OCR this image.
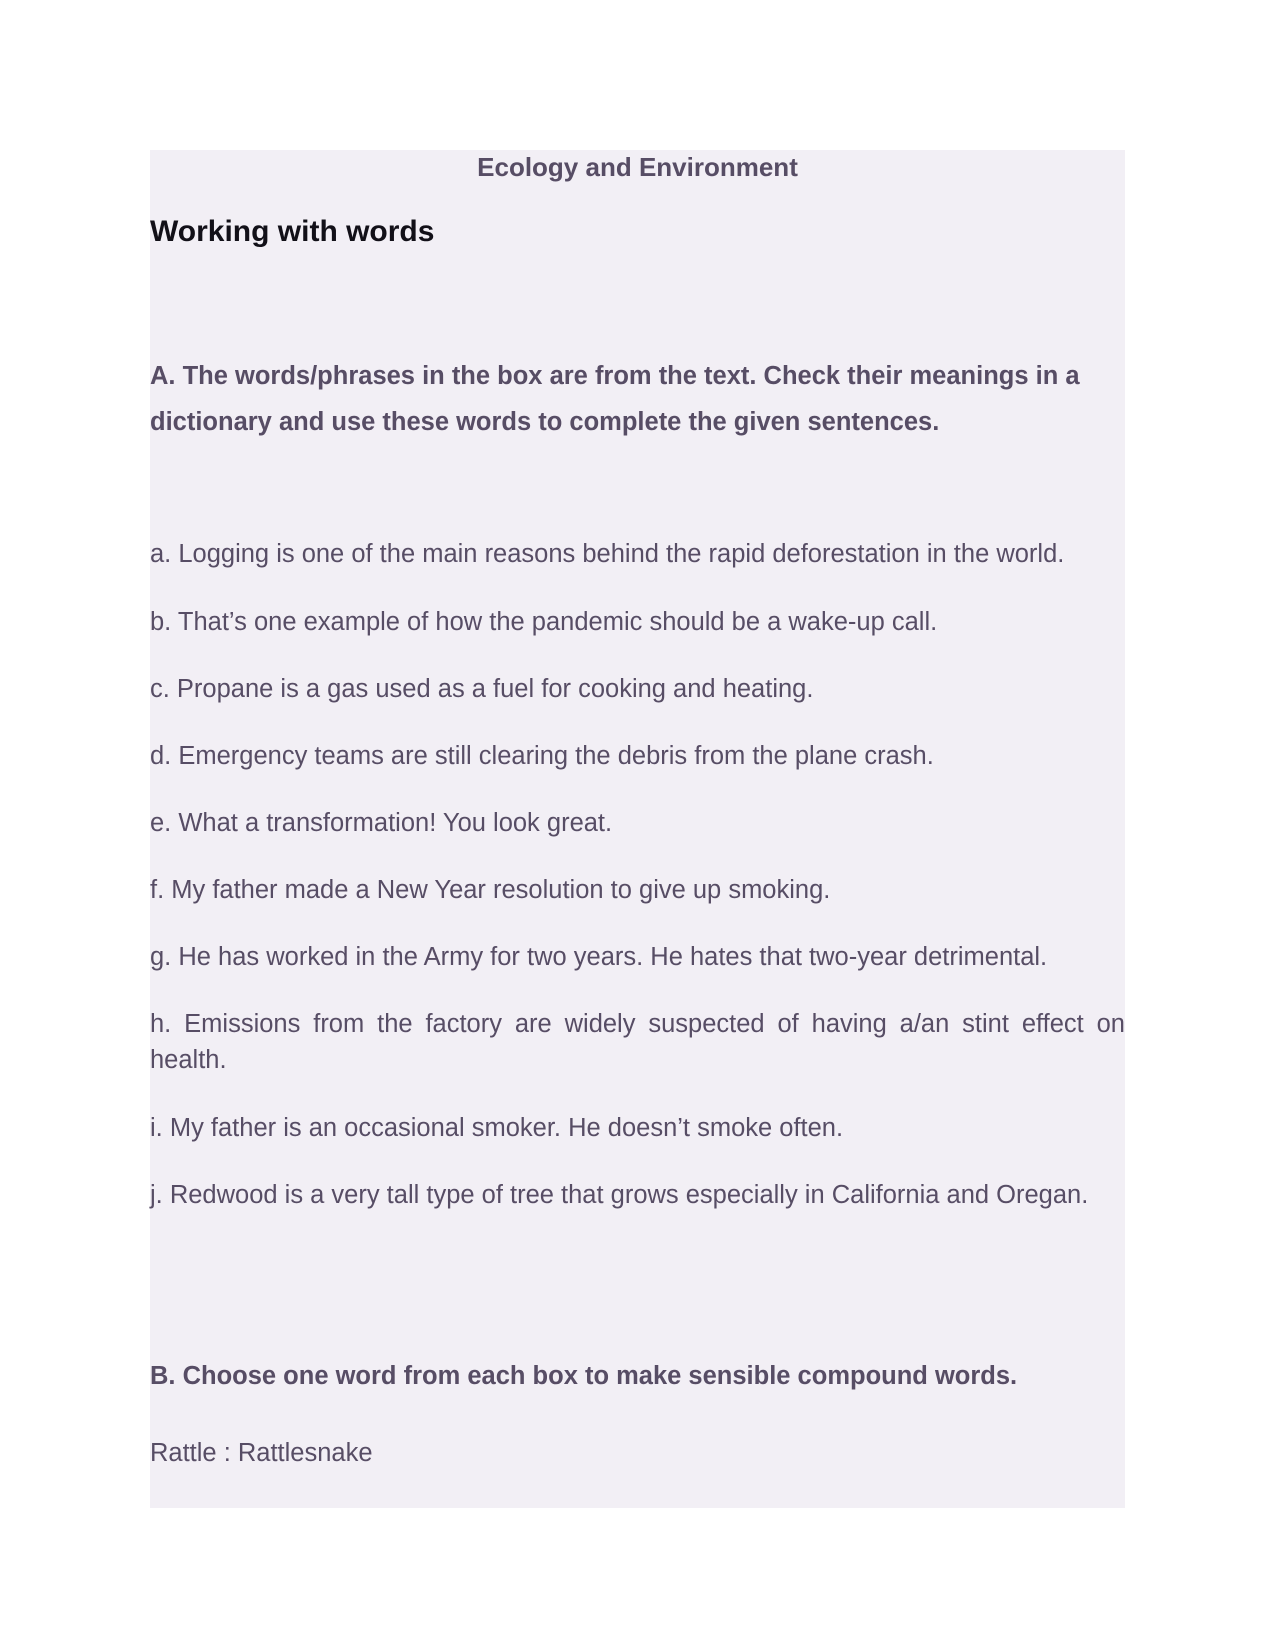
Ecology and Environment
Working with words

A. The words/phrases in the box are from the text. Check their meanings in a dictionary and use these words to complete the given sentences.

a. Logging is one of the main reasons behind the rapid deforestation in the world.

b. That’s one example of how the pandemic should be a wake-up call.

c. Propane is a gas used as a fuel for cooking and heating.

d. Emergency teams are still clearing the debris from the plane crash.

e. What a transformation! You look great.

f. My father made a New Year resolution to give up smoking.

g. He has worked in the Army for two years. He hates that two-year detrimental.

h. Emissions from the factory are widely suspected of having a/an stint effect on health.

i. My father is an occasional smoker. He doesn’t smoke often.

j. Redwood is a very tall type of tree that grows especially in California and Oregan.

B. Choose one word from each box to make sensible compound words.

Rattle : Rattlesnake
